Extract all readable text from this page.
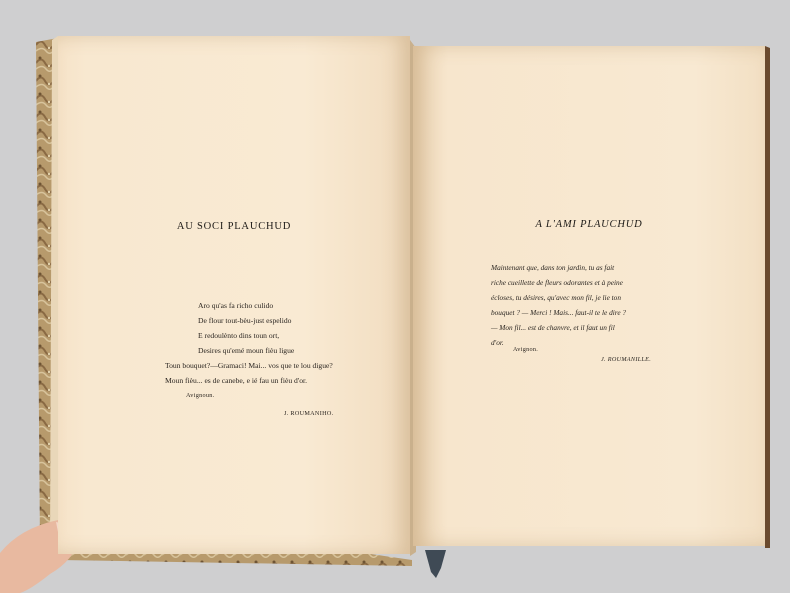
AU SOCI PLAUCHUD
Aro qu'as fa richo culido
De flour tout-bèu-just espelido
E redoulènto dins toun ort,
Desires qu'emé moun fièu ligue
Toun bouquet?—Gramaci! Mai... vos que te lou digue?
Moun fièu... es de canebe, e ié fau un fièu d'or.
Avignoun.
J. ROUMANIHO.
A L'AMI PLAUCHUD
Maintenant que, dans ton jardin, tu as fait
riche cueillette de fleurs odorantes et à peine
écloses, tu désires, qu'avec mon fil, je lie ton
bouquet ? — Merci ! Mais... faut-il te le dire ?
— Mon fil... est de chanvre, et il faut un fil
d'or.
Avignon.
J. ROUMANILLE.
